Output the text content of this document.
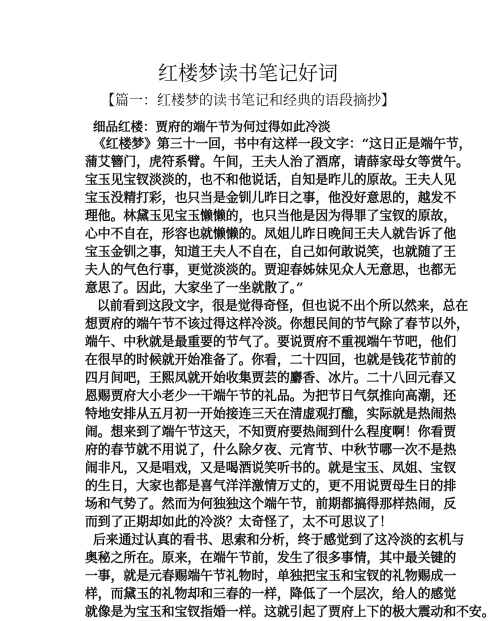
红楼梦读书笔记好词
【篇一：红楼梦的读书笔记和经典的语段摘抄】
细品红楼：贾府的端午节为何过得如此冷淡
《红楼梦》第三十一回，书中有这样一段文字：“这日正是端午节，
蒲艾簪门，虎符系臂。午间，王夫人治了酒席，请薛家母女等赏午。
宝玉见宝钗淡淡的，也不和他说话，自知是昨儿的原故。王夫人见
宝玉没精打彩，也只当是金钏儿昨日之事，他没好意思的，越发不
理他。林黛玉见宝玉懒懒的，也只当他是因为得罪了宝钗的原故，
心中不自在，形容也就懒懒的。凤姐儿昨日晚间王夫人就告诉了他
宝玉金钏之事，知道王夫人不自在，自己如何敢说笑，也就随了王
夫人的气色行事，更觉淡淡的。贾迎春姊妹见众人无意思，也都无
意思了。因此，大家坐了一坐就散了。”
以前看到这段文字，很是觉得奇怪，但也说不出个所以然来，总在
想贾府的端午节不该过得这样冷淡。你想民间的节气除了春节以外，
端午、中秋就是最重要的节气了。要说贾府不重视端午节吧，他们
在很早的时候就开始准备了。你看，二十四回，也就是钱花节前的
四月间吧，王熙凤就开始收集贾芸的麝香、冰片。二十八回元春又
恩赐贾府大小老少一干端午节的礼品。为把节日气氛推向高潮，还
特地安排从五月初一开始接连三天在清虚观打醮，实际就是热闹热
闹。想来到了端午节这天，不知贾府要热闹到什么程度啊！你看贾
府的春节就不用说了，什么除夕夜、元宵节、中秋节哪一次不是热
闹非凡，又是唱戏，又是喝酒说笑听书的。就是宝玉、凤姐、宝钗
的生日，大家也都是喜气洋洋激情万丈的，更不用说贾母生日的排
场和气势了。然而为何独独这个端午节，前期都搞得那样热闹，反
而到了正期却如此的冷淡？太奇怪了，太不可思议了！
后来通过认真的看书、思索和分析，终于感觉到了这冷淡的玄机与
奥秘之所在。原来，在端午节前，发生了很多事情，其中最关键的
一事，就是元春赐端午节礼物时，单独把宝玉和宝钗的礼物赐成一
样，而黛玉的礼物却和三春的一样，降低了一个层次，给人的感觉
就像是为宝玉和宝钗指婚一样。这就引起了贾府上下的极大震动和不安。
